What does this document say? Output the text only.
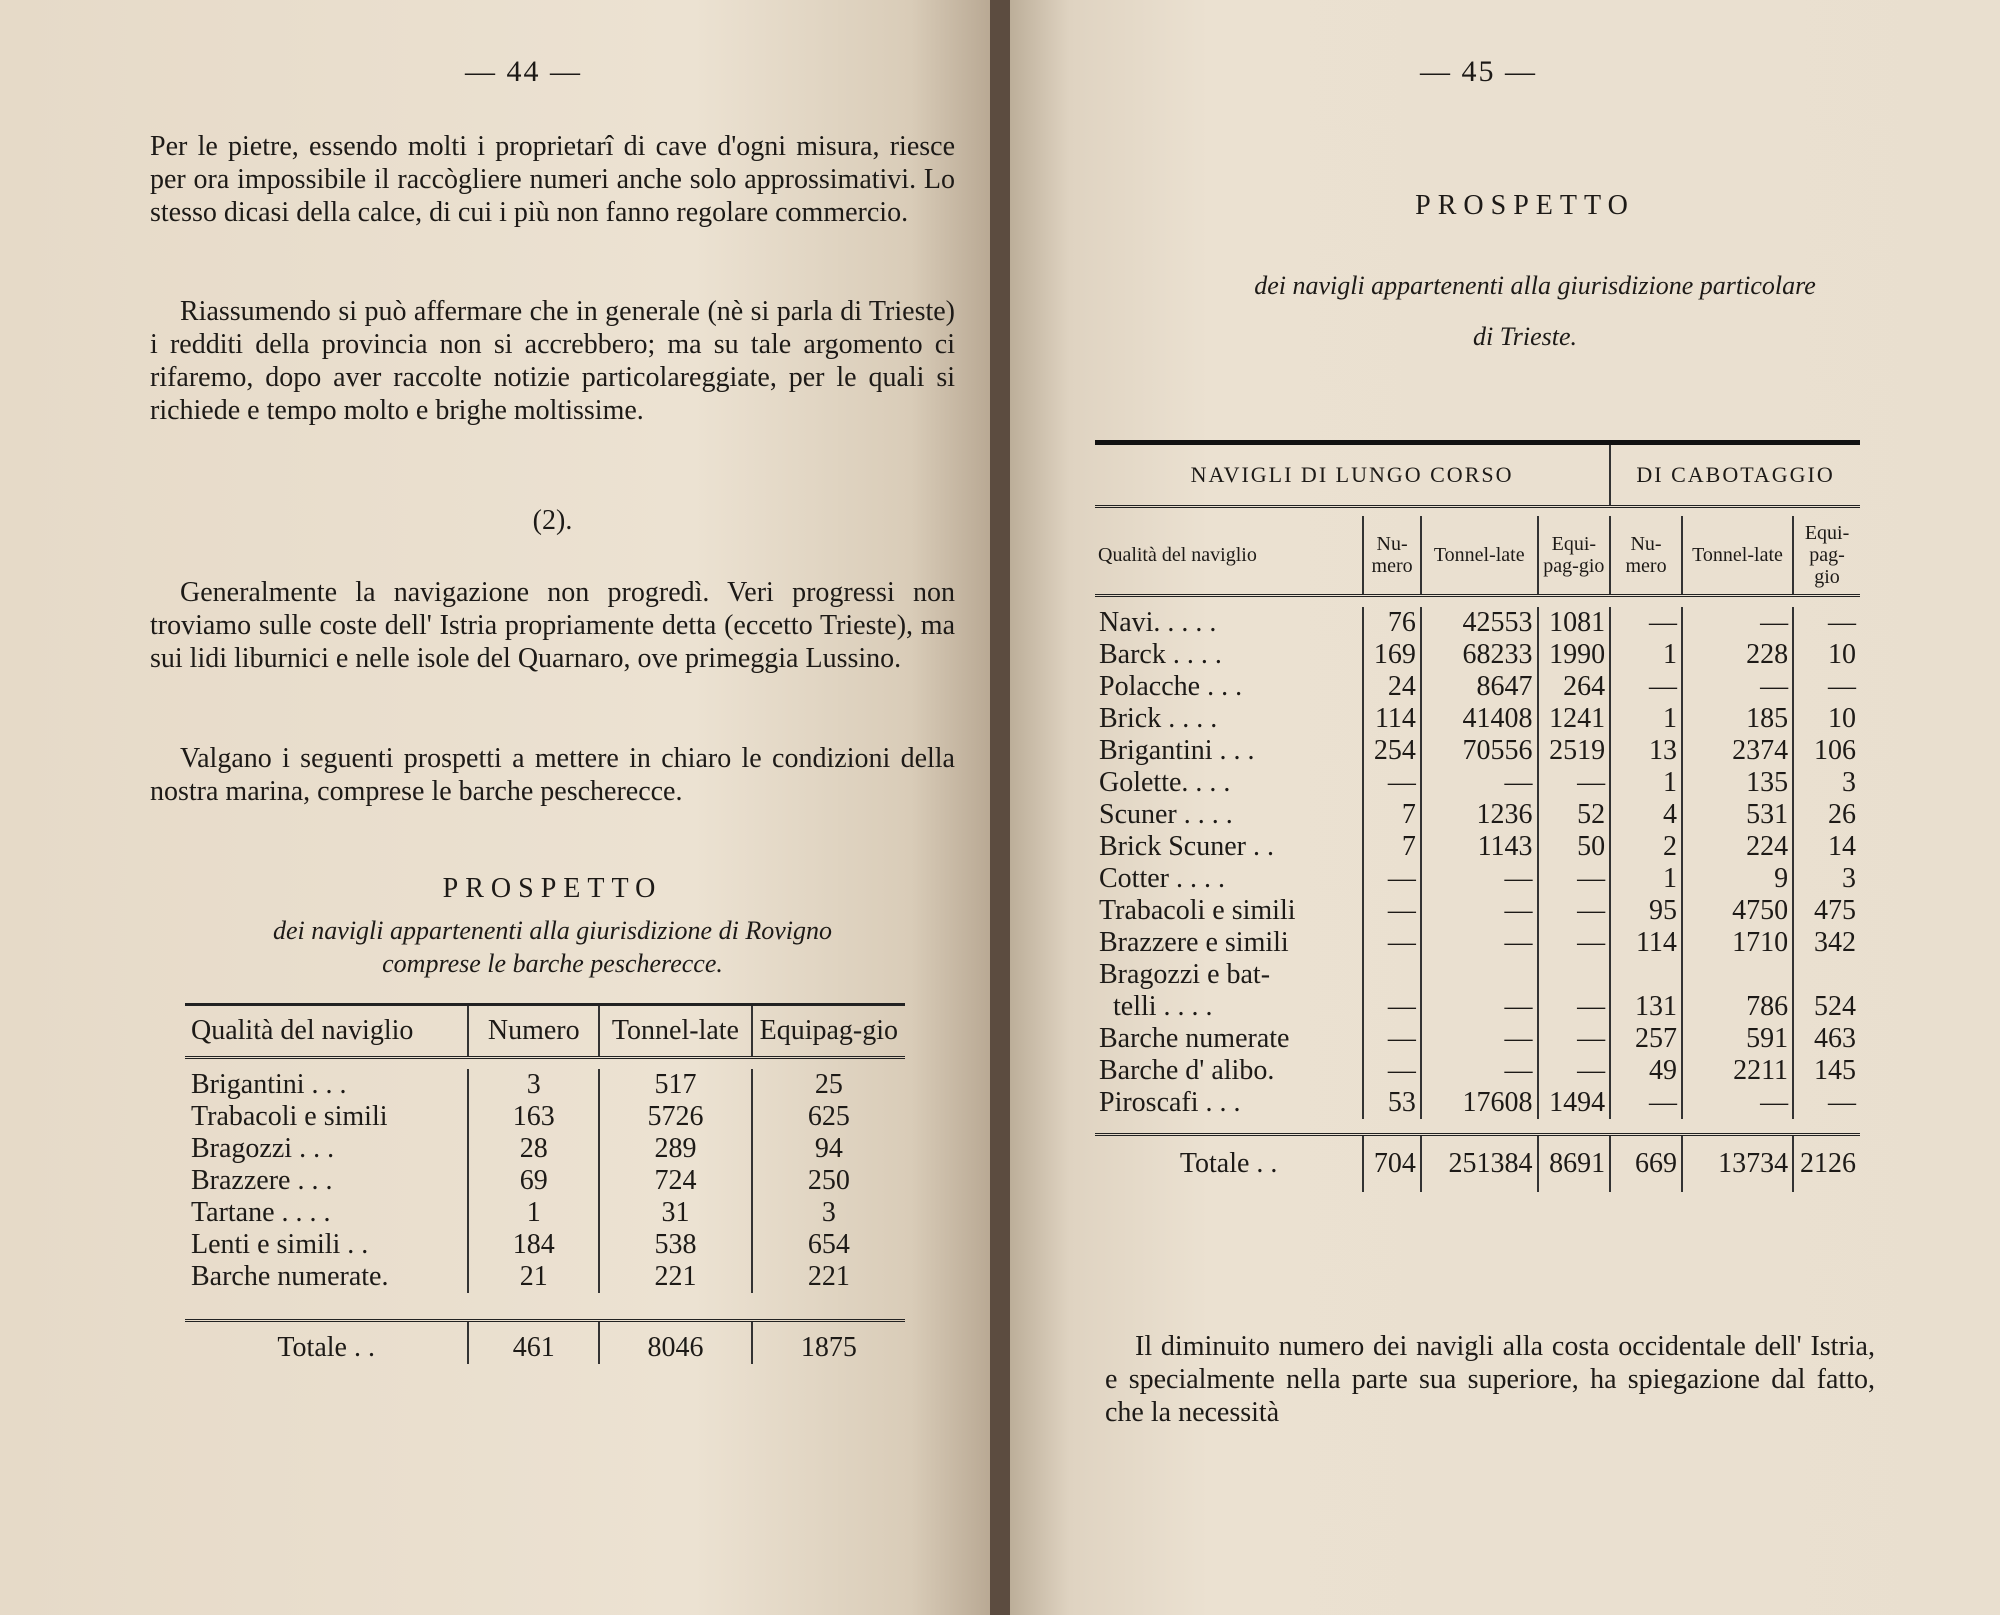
— 44 —

Per le pietre, essendo molti i proprietarî di cave d'ogni misura, riesce per ora impossibile il raccògliere numeri anche solo approssimativi. Lo stesso dicasi della calce, di cui i più non fanno regolare commercio.

Riassumendo si può affermare che in generale (nè si parla di Trieste) i redditi della provincia non si accrebbero; ma su tale argomento ci rifaremo, dopo aver raccolte notizie particolareggiate, per le quali si richiede e tempo molto e brighe moltissime.

(2).

Generalmente la navigazione non progredì. Veri progressi non troviamo sulle coste dell' Istria propriamente detta (eccetto Trieste), ma sui lidi liburnici e nelle isole del Quarnaro, ove primeggia Lussino.

Valgano i seguenti prospetti a mettere in chiaro le condizioni della nostra marina, comprese le barche pescherecce.

PROSPETTO
dei navigli appartenenti alla giurisdizione di Rovigno
comprese le barche pescherecce.
Qualità del naviglio	Numero	Tonnel-late	Equipag-gio

Brigantini . . .	3	517	25
Trabacoli e simili	163	5726	625
Bragozzi . . .	28	289	94
Brazzere . . .	69	724	250
Tartane . . . .	1	31	3
Lenti e simili . .	184	538	654
Barche numerate.	21	221	221

Totale . .	461	8046	1875
— 45 —
PROSPETTO
dei navigli appartenenti alla giurisdizione particolare
di Trieste.
NAVIGLI DI LUNGO CORSO				DI CABOTAGGIO		

Qualità del naviglio	Nu-mero	Tonnel-late	Equi-pag-gio	Nu-mero	Tonnel-late	Equi-pag-gio

Navi. . . . .	76	42553	1081	—	—	—
Barck . . . .	169	68233	1990	1	228	10
Polacche . . .	24	8647	264	—	—	—
Brick . . . .	114	41408	1241	1	185	10
Brigantini . . .	254	70556	2519	13	2374	106
Golette. . . .	—	—	—	1	135	3
Scuner . . . .	7	1236	52	4	531	26
Brick Scuner . .	7	1143	50	2	224	14
Cotter . . . .	—	—	—	1	9	3
Trabacoli e simili	—	—	—	95	4750	475
Brazzere e simili	—	—	—	114	1710	342
Bragozzi e bat-						
telli . . . .	—	—	—	131	786	524
Barche numerate	—	—	—	257	591	463
Barche d' alibo.	—	—	—	49	2211	145
Piroscafi . . .	53	17608	1494	—	—	—

Totale . .	704	251384	8691	669	13734	2126

Il diminuito numero dei navigli alla costa occidentale dell' Istria, e specialmente nella parte sua superiore, ha spiegazione dal fatto, che la necessità
